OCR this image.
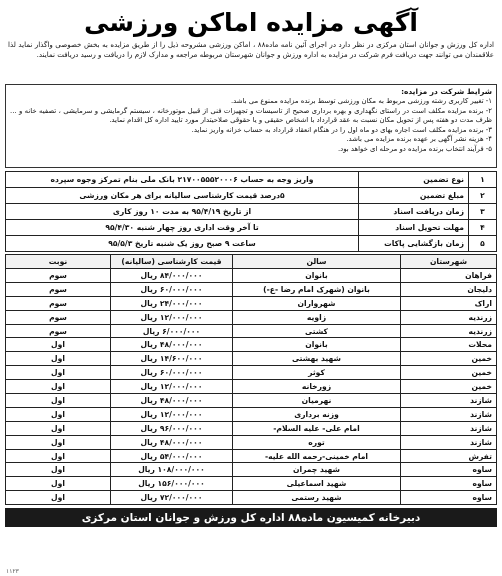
آگهی مزایده اماکن ورزشی

اداره کل ورزش و جوانان استان مرکزی در نظر دارد در اجرای آئین نامه ماده۸۸ ، اماکن ورزشی مشروحه ذیل را از طریق مزایده به بخش خصوصی واگذار نماید لذا علاقمندان می توانند جهت دریافت فرم شرکت در مزایده به اداره ورزش و جوانان شهرستان مربوطه مراجعه و مدارک لازم را دریافت و رسید دریافت نمایند.

شرایط شرکت در مزایده:
۱- تغییر کاربری رشته ورزشی مربوط به مکان ورزشی توسط برنده مزایده ممنوع می باشد.
۲- برنده مزایده مکلف است در راستای نگهداری و بهره برداری صحیح از تاسیسات و تجهیزات فنی از قبیل موتورخانه ، سیستم گرمایشی و سرمایشی ، تصفیه خانه و ... ظرف مدت دو هفته پس از تحویل مکان نسبت به عقد قرارداد با اشخاص حقیقی و یا حقوقی صلاحیتدار مورد تایید اداره کل اقدام نماید.
۳- برنده مزایده مکلف است اجاره بهای دو ماه اول را در هنگام انعقاد قرارداد به حساب خزانه واریز نماید.
۴- هزینه نشر آگهی بر عهده برنده مزایده می باشد.
۵- فرآیند انتخاب برنده مزایده دو مرحله ای خواهد بود.
۱	نوع تضمین	واریز وجه به حساب ۲۱۷۰۰۵۵۵۲۰۰۰۶ بانک ملی بنام تمرکز وجوه سپرده
۲	مبلغ تضمین	۵درصد قیمت کارشناسی سالیانه برای هر مکان ورزشی
۳	زمان دریافت اسناد	از تاریخ ۹۵/۴/۱۹ به مدت ۱۰ روز کاری
۴	مهلت تحویل اسناد	تا آخر وقت اداری روز چهار شنبه ۹۵/۴/۳۰
۵	زمان بازگشایی پاکات	ساعت ۹ صبح روز یک شنبه تاریخ ۹۵/۵/۳
شهرستان	سالن	قیمت کارشناسی (سالیانه)	نوبت
فراهان	بانوان	۸۴/۰۰۰/۰۰۰ ریال	سوم
دلیجان	بانوان (شهرک امام رضا -ع-)	۶۰/۰۰۰/۰۰۰ ریال	سوم
اراک	شهرواران	۲۴/۰۰۰/۰۰۰ ریال	سوم
زرندیه	زاویه	۱۲/۰۰۰/۰۰۰ ریال	سوم
زرندیه	کشتی	۶/۰۰۰/۰۰۰ ریال	سوم
محلات	بانوان	۴۸/۰۰۰/۰۰۰ ریال	اول
خمین	شهید بهشتی	۱۴/۶۰۰/۰۰۰ ریال	اول
خمین	کوثر	۶۰/۰۰۰/۰۰۰ ریال	اول
خمین	زورخانه	۱۲/۰۰۰/۰۰۰ ریال	اول
شازند	نهرمیان	۴۸/۰۰۰/۰۰۰ ریال	اول
شازند	وزنه برداری	۱۲/۰۰۰/۰۰۰ ریال	اول
شازند	امام علی- علیه السلام-	۹۶/۰۰۰/۰۰۰ ریال	اول
شازند	توره	۴۸/۰۰۰/۰۰۰ ریال	اول
تفرش	امام خمینی-رحمه الله علیه-	۵۴/۰۰۰/۰۰۰ ریال	اول
ساوه	شهید چمران	۱۰۸/۰۰۰/۰۰۰ ریال	اول
ساوه	شهید اسماعیلی	۱۵۶/۰۰۰/۰۰۰ ریال	اول
ساوه	شهید رستمی	۷۲/۰۰۰/۰۰۰ ریال	اول
دبیرخانه کمیسیون ماده۸۸ اداره کل ورزش و جوانان استان مرکزی
۱۱۲۳
